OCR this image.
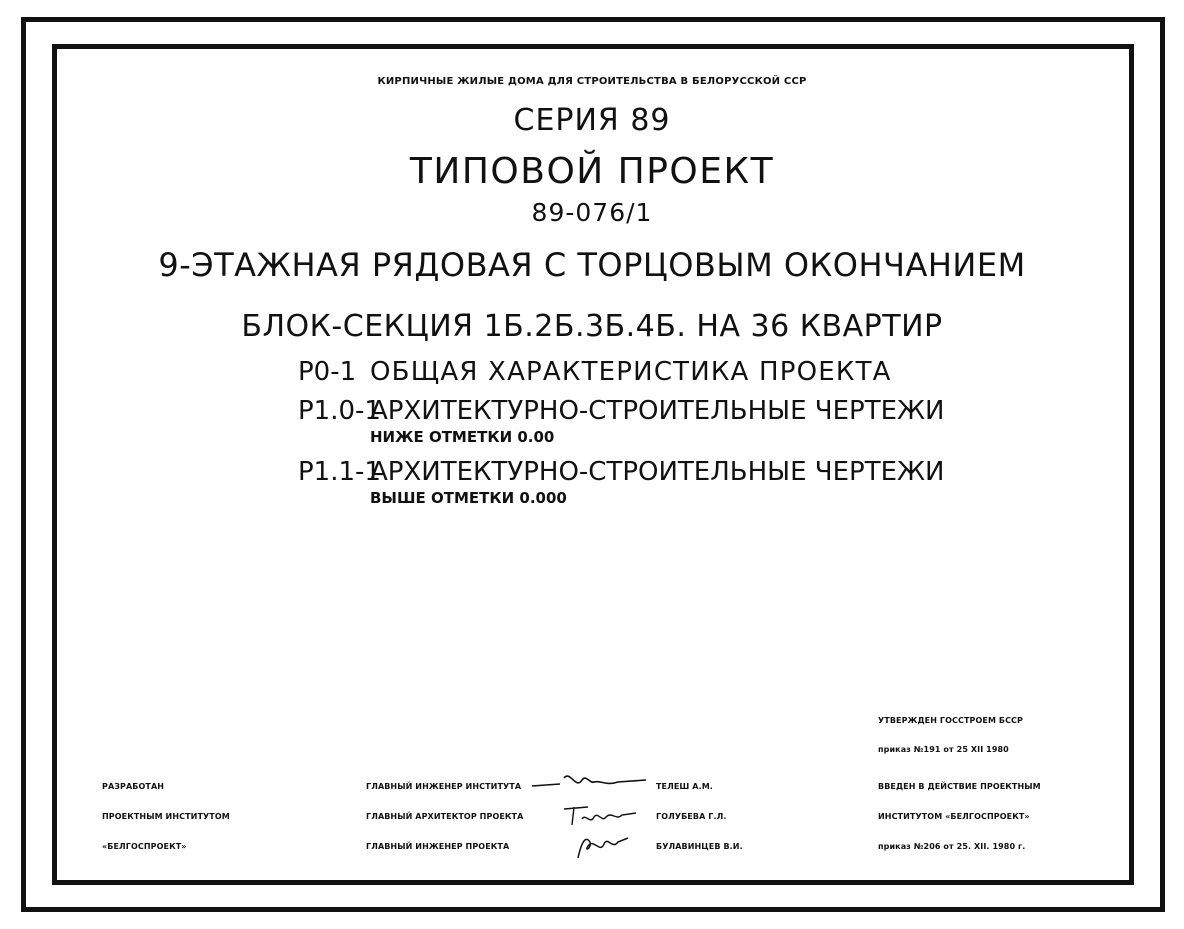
КИРПИЧНЫЕ ЖИЛЫЕ ДОМА ДЛЯ СТРОИТЕЛЬСТВА В БЕЛОРУССКОЙ ССР
СЕРИЯ 89
ТИПОВОЙ ПРОЕКТ
89-076/1
9-ЭТАЖНАЯ РЯДОВАЯ С ТОРЦОВЫМ ОКОНЧАНИЕМ
БЛОК-СЕКЦИЯ 1Б.2Б.3Б.4Б. НА 36 КВАРТИР
Р0-1 ОБЩАЯ ХАРАКТЕРИСТИКА ПРОЕКТА
Р1.0-1АРХИТЕКТУРНО-СТРОИТЕЛЬНЫЕ ЧЕРТЕЖИ
НИЖЕ ОТМЕТКИ 0.00
Р1.1-1АРХИТЕКТУРНО-СТРОИТЕЛЬНЫЕ ЧЕРТЕЖИ
ВЫШЕ ОТМЕТКИ 0.000
РАЗРАБОТАН
ПРОЕКТНЫМ ИНСТИТУТОМ
«БЕЛГОСПРОЕКТ»
ГЛАВНЫЙ ИНЖЕНЕР ИНСТИТУТА
ГЛАВНЫЙ АРХИТЕКТОР ПРОЕКТА
ГЛАВНЫЙ ИНЖЕНЕР ПРОЕКТА
ТЕЛЕШ А.М.
ГОЛУБЕВА Г.Л.
БУЛАВИНЦЕВ В.И.
УТВЕРЖДЕН ГОССТРОЕМ БССР
приказ №191 от 25 XII 1980
ВВЕДЕН В ДЕЙСТВИЕ ПРОЕКТНЫМ
ИНСТИТУТОМ «БЕЛГОСПРОЕКТ»
приказ №206 от 25. XII. 1980 г.
